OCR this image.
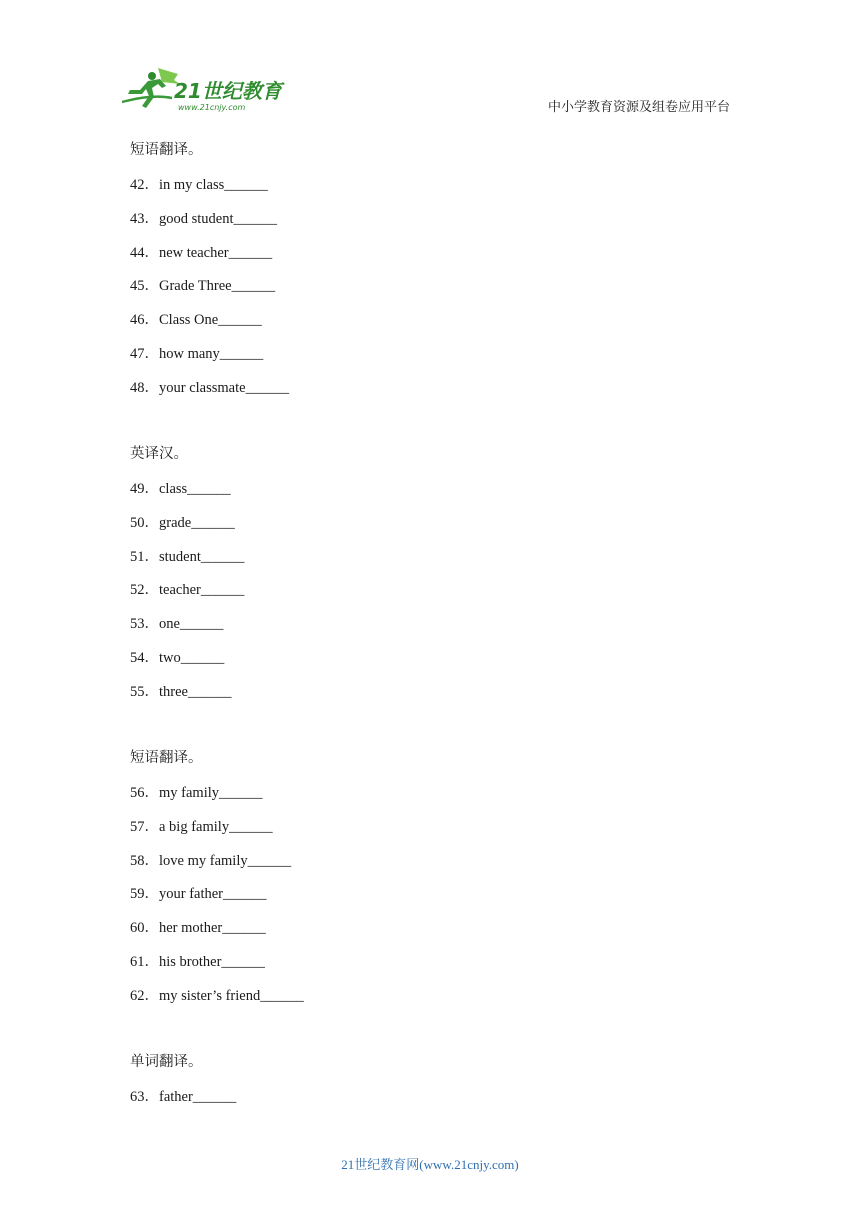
21世纪教育
www.21cnjy.com	中小学教育资源及组卷应用平台

短语翻译。

42．in my class______

43．good student______

44．new teacher______

45．Grade Three______

46．Class One______

47．how many______

48．your classmate______

英译汉。

49．class______

50．grade______

51．student______

52．teacher______

53．one______

54．two______

55．three______

短语翻译。

56．my family______

57．a big family______

58．love my family______

59．your father______

60．her mother______

61．his brother______

62．my sister’s friend______

单词翻译。

63．father______

21世纪教育网(www.21cnjy.com)
